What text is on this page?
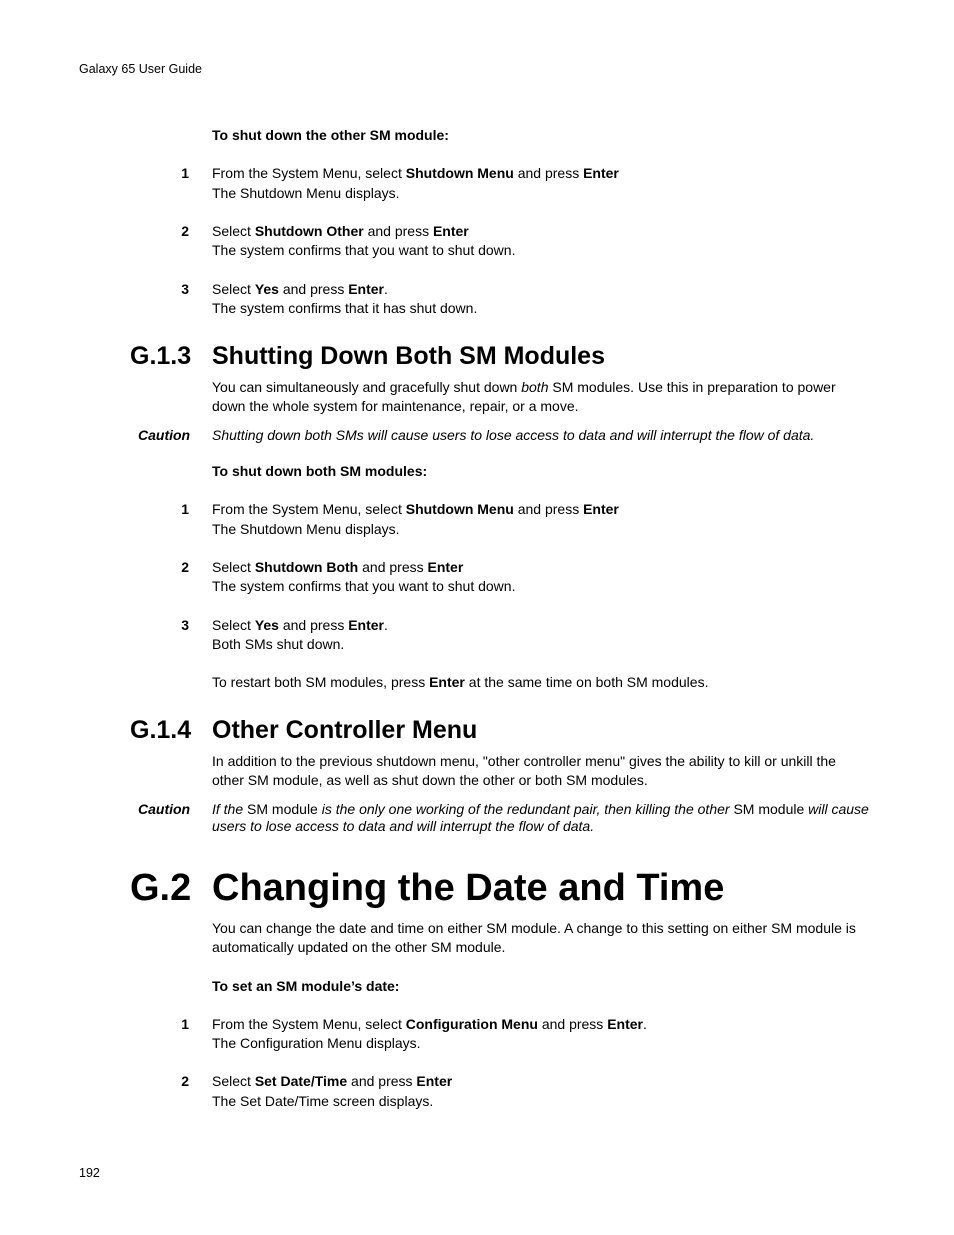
Galaxy 65 User Guide
To shut down the other SM module:
1 From the System Menu, select Shutdown Menu and press Enter
The Shutdown Menu displays.
2 Select Shutdown Other and press Enter
The system confirms that you want to shut down.
3 Select Yes and press Enter.
The system confirms that it has shut down.
G.1.3 Shutting Down Both SM Modules
You can simultaneously and gracefully shut down both SM modules. Use this in preparation to power
down the whole system for maintenance, repair, or a move.
Caution Shutting down both SMs will cause users to lose access to data and will interrupt the flow of data.
To shut down both SM modules:
1 From the System Menu, select Shutdown Menu and press Enter
The Shutdown Menu displays.
2 Select Shutdown Both and press Enter
The system confirms that you want to shut down.
3 Select Yes and press Enter.
Both SMs shut down.
To restart both SM modules, press Enter at the same time on both SM modules.
G.1.4 Other Controller Menu
In addition to the previous shutdown menu, "other controller menu" gives the ability to kill or unkill the
other SM module, as well as shut down the other or both SM modules.
Caution If the SM module is the only one working of the redundant pair, then killing the other SM module will cause
users to lose access to data and will interrupt the flow of data.
G.2 Changing the Date and Time
You can change the date and time on either SM module. A change to this setting on either SM module is
automatically updated on the other SM module.
To set an SM module’s date:
1 From the System Menu, select Configuration Menu and press Enter.
The Configuration Menu displays.
2 Select Set Date/Time and press Enter
The Set Date/Time screen displays.
192
